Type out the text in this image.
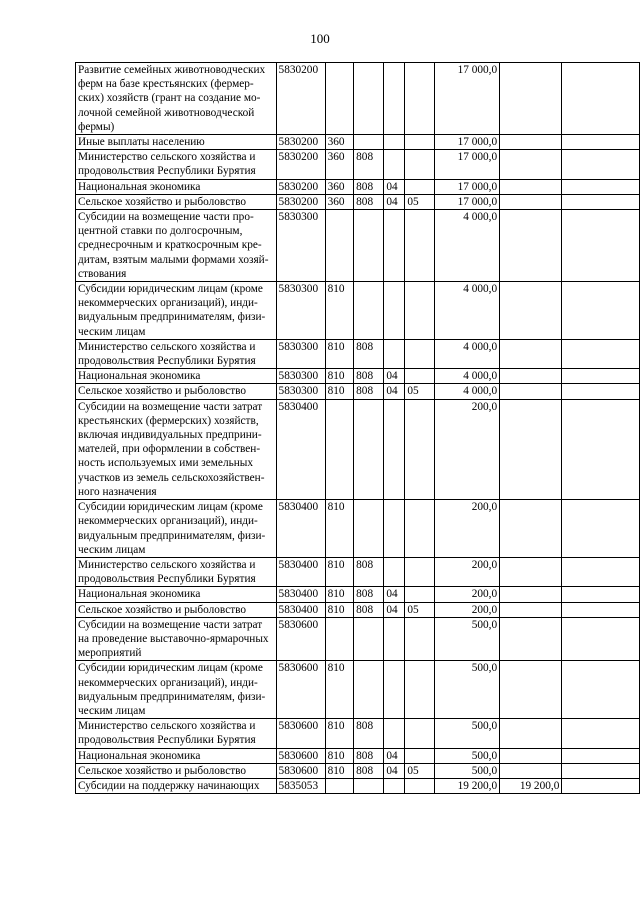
100
Развитие семейных животноводческих ферм на базе крестьянских (фермер-ских) хозяйств (грант на создание мо-лочной семейной животноводческой фермы)	5830200					17 000,0		
Иные выплаты населению	5830200	360				17 000,0		
Министерство сельского хозяйства и продовольствия Республики Бурятия	5830200	360	808			17 000,0		
Национальная экономика	5830200	360	808	04		17 000,0		
Сельское хозяйство и рыболовство	5830200	360	808	04	05	17 000,0		
Субсидии на возмещение части про-центной ставки по долгосрочным, среднесрочным и краткосрочным кре-дитам, взятым малыми формами хозяй-ствования	5830300					4 000,0		
Субсидии юридическим лицам (кроме некоммерческих организаций), инди-видуальным предпринимателям, физи-ческим лицам	5830300	810				4 000,0		
Министерство сельского хозяйства и продовольствия Республики Бурятия	5830300	810	808			4 000,0		
Национальная экономика	5830300	810	808	04		4 000,0		
Сельское хозяйство и рыболовство	5830300	810	808	04	05	4 000,0		
Субсидии на возмещение части затрат крестьянских (фермерских) хозяйств, включая индивидуальных предприни-мателей, при оформлении в собствен-ность используемых ими земельных участков из земель сельскохозяйствен-ного назначения	5830400					200,0		
Субсидии юридическим лицам (кроме некоммерческих организаций), инди-видуальным предпринимателям, физи-ческим лицам	5830400	810				200,0		
Министерство сельского хозяйства и продовольствия Республики Бурятия	5830400	810	808			200,0		
Национальная экономика	5830400	810	808	04		200,0		
Сельское хозяйство и рыболовство	5830400	810	808	04	05	200,0		
Субсидии на возмещение части затрат на проведение выставочно-ярмарочных мероприятий	5830600					500,0		
Субсидии юридическим лицам (кроме некоммерческих организаций), инди-видуальным предпринимателям, физи-ческим лицам	5830600	810				500,0		
Министерство сельского хозяйства и продовольствия Республики Бурятия	5830600	810	808			500,0		
Национальная экономика	5830600	810	808	04		500,0		
Сельское хозяйство и рыболовство	5830600	810	808	04	05	500,0		
Субсидии на поддержку начинающих	5835053					19 200,0	19 200,0	
